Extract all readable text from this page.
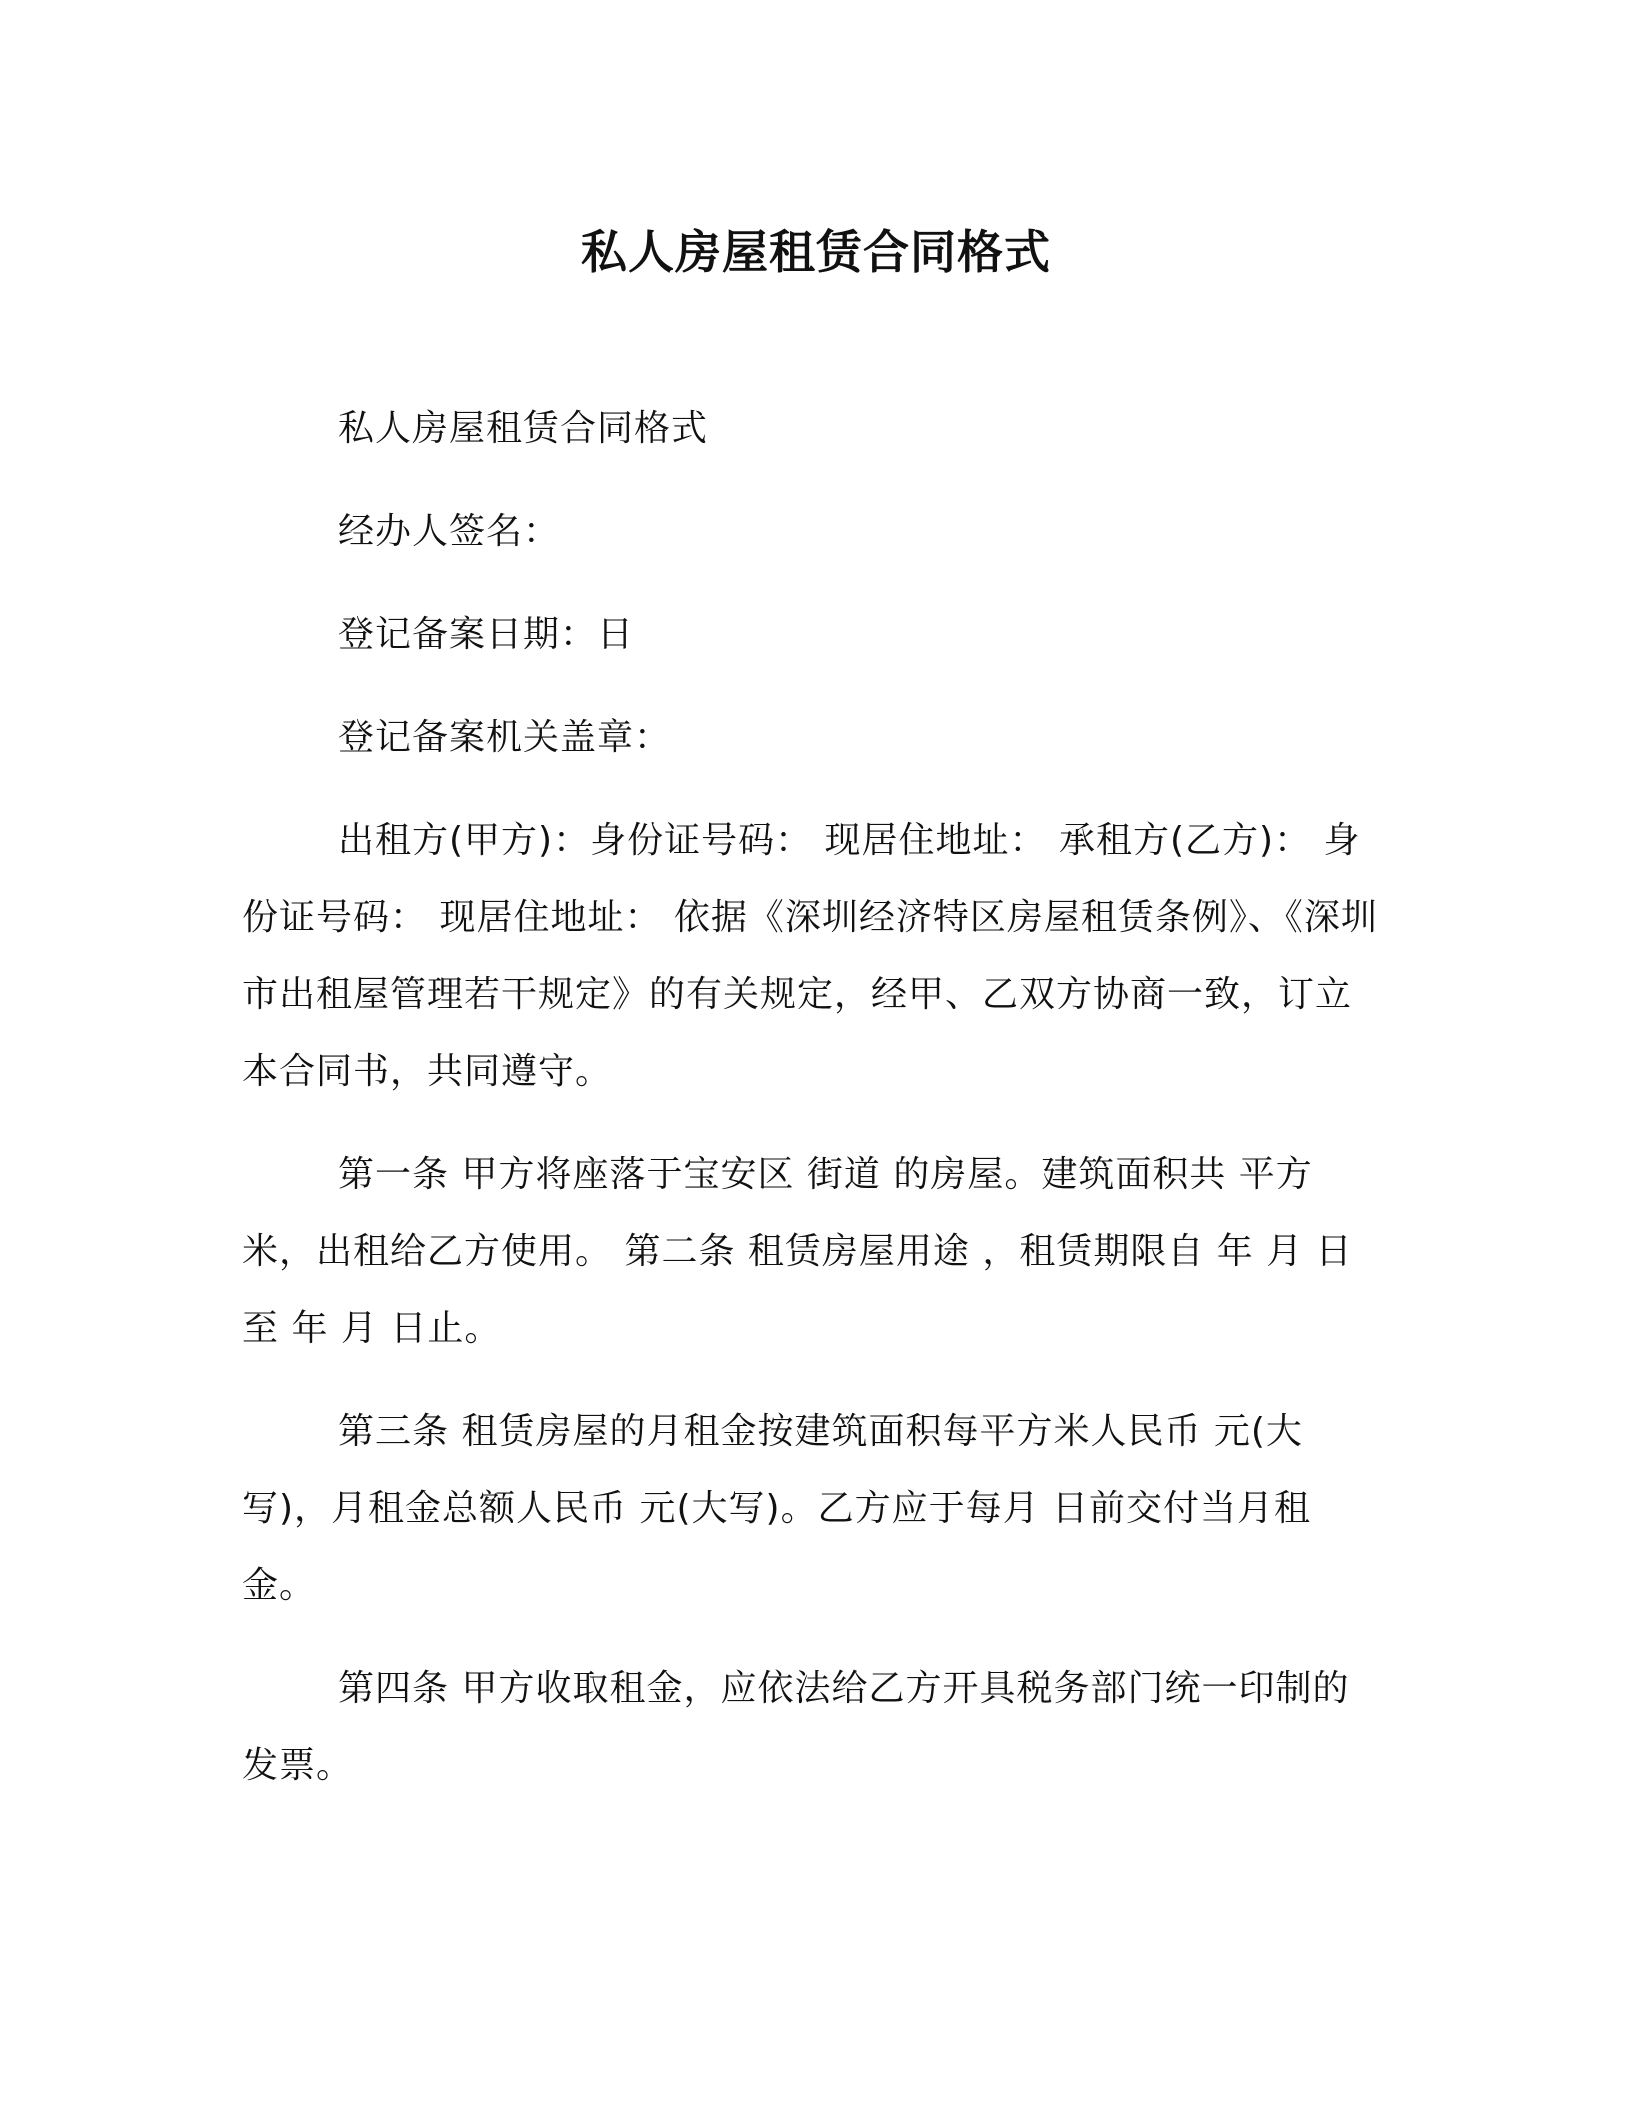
私人房屋租赁合同格式

私人房屋租赁合同格式

经办人签名：

登记备案日期：日

登记备案机关盖章：

出租方(甲方)：身份证号码： 现居住地址： 承租方(乙方)： 身份证号码： 现居住地址： 依据《深圳经济特区房屋租赁条例》、《深圳市出租屋管理若干规定》的有关规定，经甲、乙双方协商一致，订立本合同书，共同遵守。

第一条 甲方将座落于宝安区 街道 的房屋。建筑面积共 平方米，出租给乙方使用。 第二条 租赁房屋用途 ，租赁期限自 年 月 日至 年 月 日止。

第三条 租赁房屋的月租金按建筑面积每平方米人民币 元(大写)，月租金总额人民币 元(大写)。乙方应于每月 日前交付当月租金。

第四条 甲方收取租金，应依法给乙方开具税务部门统一印制的发票。
